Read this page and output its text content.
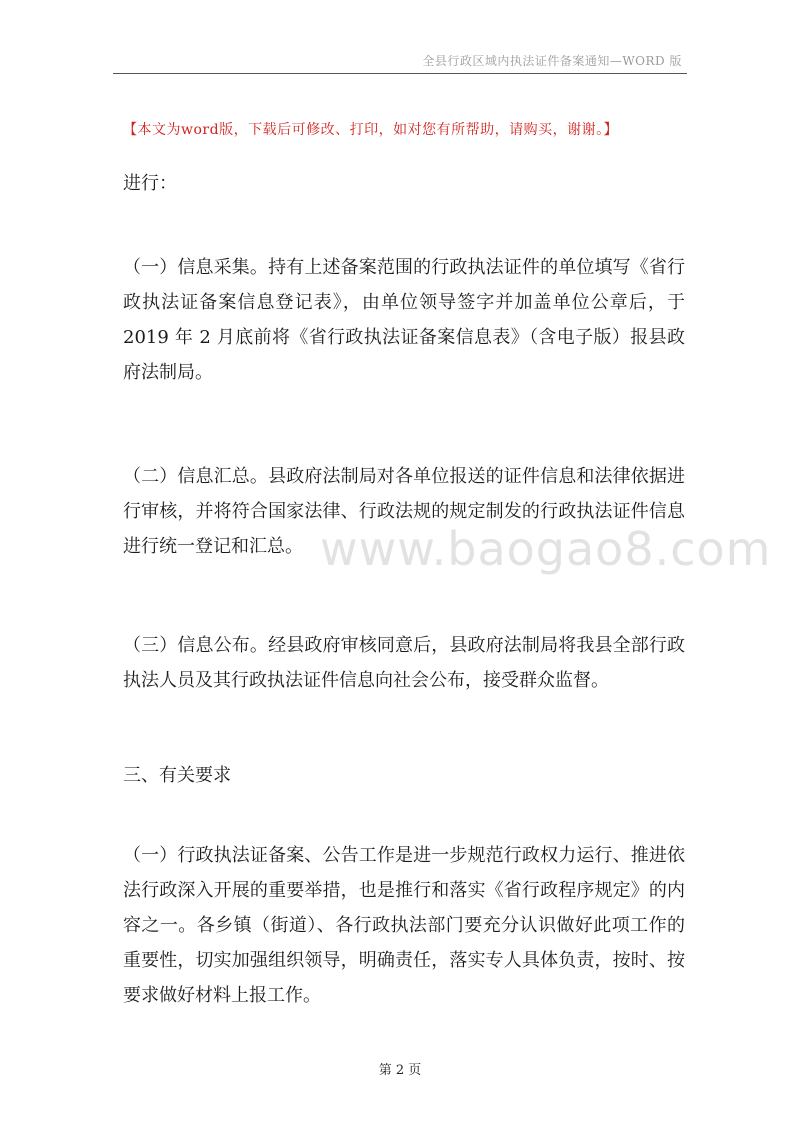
全县行政区域内执法证件备案通知—WORD 版
【本文为word版，下载后可修改、打印，如对您有所帮助，请购买，谢谢。】
www.baogao8.com

进行：

（一）信息采集。持有上述备案范围的行政执法证件的单位填写《省行政执法证备案信息登记表》，由单位领导签字并加盖单位公章后，于 2019 年 2 月底前将《省行政执法证备案信息表》（含电子版）报县政府法制局。

（二）信息汇总。县政府法制局对各单位报送的证件信息和法律依据进行审核，并将符合国家法律、行政法规的规定制发的行政执法证件信息进行统一登记和汇总。

（三）信息公布。经县政府审核同意后，县政府法制局将我县全部行政执法人员及其行政执法证件信息向社会公布，接受群众监督。

三、有关要求

（一）行政执法证备案、公告工作是进一步规范行政权力运行、推进依法行政深入开展的重要举措，也是推行和落实《省行政程序规定》的内容之一。各乡镇（街道）、各行政执法部门要充分认识做好此项工作的重要性，切实加强组织领导，明确责任，落实专人具体负责，按时、按要求做好材料上报工作。

第 2 页
